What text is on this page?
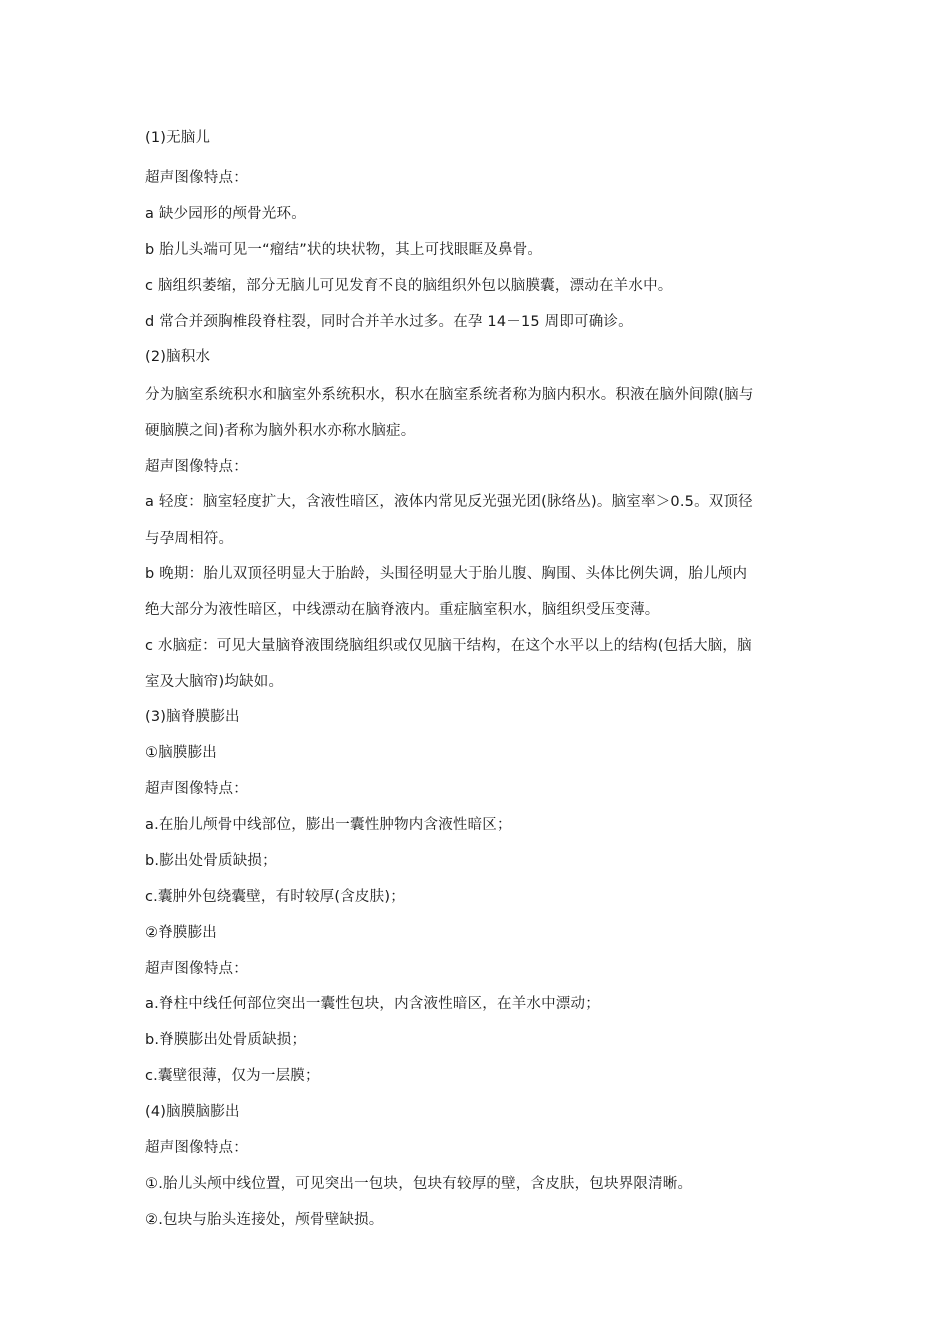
(1)无脑儿

超声图像特点：

a 缺少园形的颅骨光环。

b 胎儿头端可见一“瘤结”状的块状物，其上可找眼眶及鼻骨。

c 脑组织萎缩，部分无脑儿可见发育不良的脑组织外包以脑膜囊，漂动在羊水中。

d 常合并颈胸椎段脊柱裂，同时合并羊水过多。在孕 14－15 周即可确诊。

(2)脑积水

分为脑室系统积水和脑室外系统积水，积水在脑室系统者称为脑内积水。积液在脑外间隙(脑与

硬脑膜之间)者称为脑外积水亦称水脑症。

超声图像特点：

a 轻度：脑室轻度扩大，含液性暗区，液体内常见反光强光团(脉络丛)。脑室率＞0.5。双顶径

与孕周相符。

b 晚期：胎儿双顶径明显大于胎龄，头围径明显大于胎儿腹、胸围、头体比例失调，胎儿颅内

绝大部分为液性暗区，中线漂动在脑脊液内。重症脑室积水，脑组织受压变薄。

c 水脑症：可见大量脑脊液围绕脑组织或仅见脑干结构，在这个水平以上的结构(包括大脑，脑

室及大脑帘)均缺如。

(3)脑脊膜膨出

①脑膜膨出

超声图像特点：

a.在胎儿颅骨中线部位，膨出一囊性肿物内含液性暗区；

b.膨出处骨质缺损；

c.囊肿外包绕囊壁，有时较厚(含皮肤)；

②脊膜膨出

超声图像特点：

a.脊柱中线任何部位突出一囊性包块，内含液性暗区，在羊水中漂动；

b.脊膜膨出处骨质缺损；

c.囊壁很薄，仅为一层膜；

(4)脑膜脑膨出

超声图像特点：

①.胎儿头颅中线位置，可见突出一包块，包块有较厚的壁，含皮肤，包块界限清晰。

②.包块与胎头连接处，颅骨壁缺损。
